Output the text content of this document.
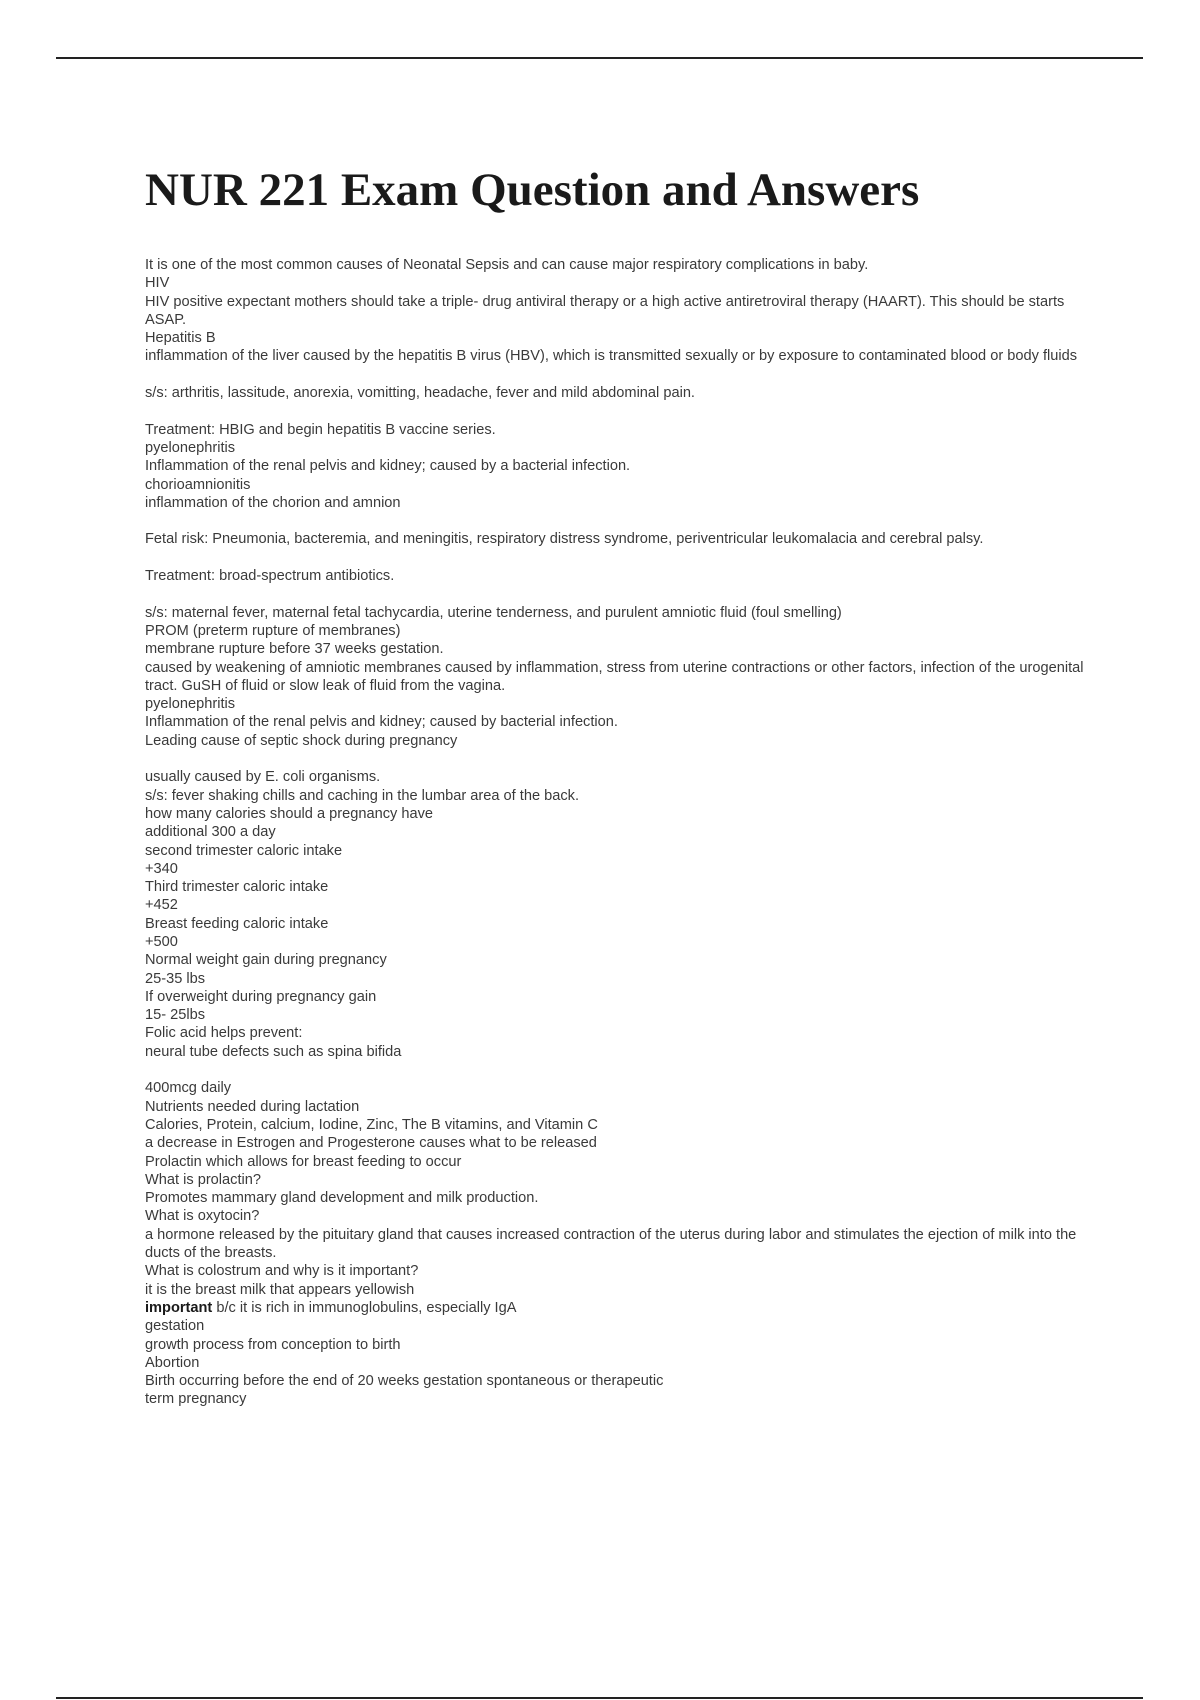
NUR 221 Exam Question and Answers
It is one of the most common causes of Neonatal Sepsis and can cause major respiratory complications in baby.
HIV
HIV positive expectant mothers should take a triple- drug antiviral therapy or a high active antiretroviral therapy (HAART). This should be starts ASAP.
Hepatitis B
inflammation of the liver caused by the hepatitis B virus (HBV), which is transmitted sexually or by exposure to contaminated blood or body fluids
s/s: arthritis, lassitude, anorexia, vomitting, headache, fever and mild abdominal pain.
Treatment: HBIG and begin hepatitis B vaccine series.
pyelonephritis
Inflammation of the renal pelvis and kidney; caused by a bacterial infection.
chorioamnionitis
inflammation of the chorion and amnion
Fetal risk: Pneumonia, bacteremia, and meningitis, respiratory distress syndrome, periventricular leukomalacia and cerebral palsy.
Treatment: broad-spectrum antibiotics.
s/s: maternal fever, maternal fetal tachycardia, uterine tenderness, and purulent amniotic fluid (foul smelling)
PROM (preterm rupture of membranes)
membrane rupture before 37 weeks gestation.
caused by weakening of amniotic membranes caused by inflammation, stress from uterine contractions or other factors, infection of the urogenital tract. GuSH of fluid or slow leak of fluid from the vagina.
pyelonephritis
Inflammation of the renal pelvis and kidney; caused by bacterial infection.
Leading cause of septic shock during pregnancy
usually caused by E. coli organisms.
s/s: fever shaking chills and caching in the lumbar area of the back.
how many calories should a pregnancy have
additional 300 a day
second trimester caloric intake
+340
Third trimester caloric intake
+452
Breast feeding caloric intake
+500
Normal weight gain during pregnancy
25-35 lbs
If overweight during pregnancy gain
15- 25lbs
Folic acid helps prevent:
neural tube defects such as spina bifida
400mcg daily
Nutrients needed during lactation
Calories, Protein, calcium, Iodine, Zinc, The B vitamins, and Vitamin C
a decrease in Estrogen and Progesterone causes what to be released
Prolactin which allows for breast feeding to occur
What is prolactin?
Promotes mammary gland development and milk production.
What is oxytocin?
a hormone released by the pituitary gland that causes increased contraction of the uterus during labor and stimulates the ejection of milk into the ducts of the breasts.
What is colostrum and why is it important?
it is the breast milk that appears yellowish
important b/c it is rich in immunoglobulins, especially IgA
gestation
growth process from conception to birth
Abortion
Birth occurring before the end of 20 weeks gestation spontaneous or therapeutic
term pregnancy
